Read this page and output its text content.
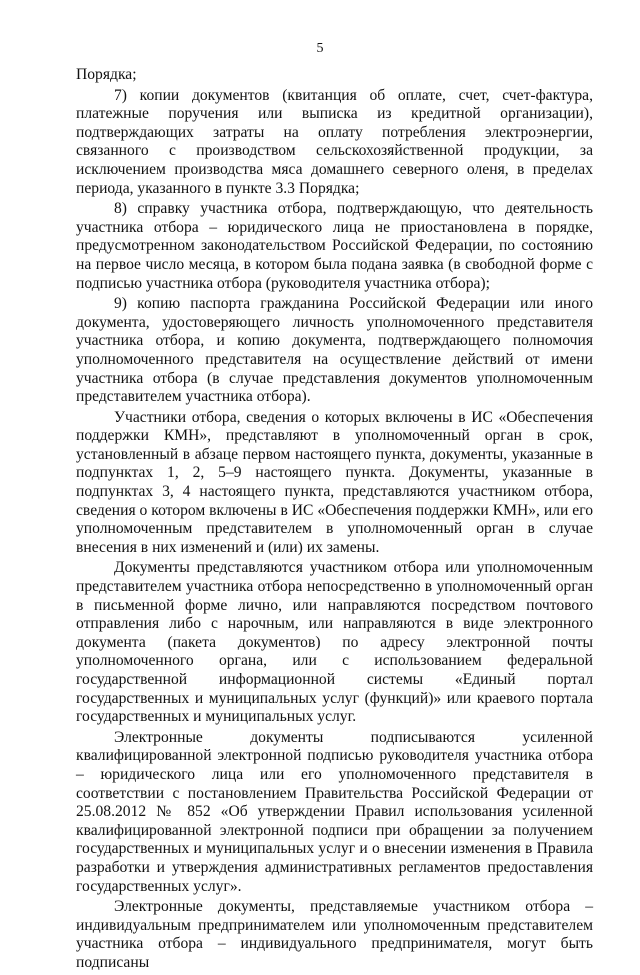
5

Порядка;

7) копии документов (квитанция об оплате, счет, счет-фактура, платежные поручения или выписка из кредитной организации), подтверждающих затраты на оплату потребления электроэнергии, связанного с производством сельскохозяйственной продукции, за исключением производства мяса домашнего северного оленя, в пределах периода, указанного в пункте 3.3 Порядка;

8) справку участника отбора, подтверждающую, что деятельность участника отбора – юридического лица не приостановлена в порядке, предусмотренном законодательством Российской Федерации, по состоянию на первое число месяца, в котором была подана заявка (в свободной форме с подписью участника отбора (руководителя участника отбора);

9) копию паспорта гражданина Российской Федерации или иного документа, удостоверяющего личность уполномоченного представителя участника отбора, и копию документа, подтверждающего полномочия уполномоченного представителя на осуществление действий от имени участника отбора (в случае представления документов уполномоченным представителем участника отбора).

Участники отбора, сведения о которых включены в ИС «Обеспечения поддержки КМН», представляют в уполномоченный орган в срок, установленный в абзаце первом настоящего пункта, документы, указанные в подпунктах 1, 2, 5–9 настоящего пункта. Документы, указанные в подпунктах 3, 4 настоящего пункта, представляются участником отбора, сведения о котором включены в ИС «Обеспечения поддержки КМН», или его уполномоченным представителем в уполномоченный орган в случае внесения в них изменений и (или) их замены.

Документы представляются участником отбора или уполномоченным представителем участника отбора непосредственно в уполномоченный орган в письменной форме лично, или направляются посредством почтового отправления либо с нарочным, или направляются в виде электронного документа (пакета документов) по адресу электронной почты уполномоченного органа, или с использованием федеральной государственной информационной системы «Единый портал государственных и муниципальных услуг (функций)» или краевого портала государственных и муниципальных услуг.

Электронные документы подписываются усиленной квалифицированной электронной подписью руководителя участника отбора – юридического лица или его уполномоченного представителя в соответствии с постановлением Правительства Российской Федерации от 25.08.2012 № 852 «Об утверждении Правил использования усиленной квалифицированной электронной подписи при обращении за получением государственных и муниципальных услуг и о внесении изменения в Правила разработки и утверждения административных регламентов предоставления государственных услуг».

Электронные документы, представляемые участником отбора – индивидуальным предпринимателем или уполномоченным представителем участника отбора – индивидуального предпринимателя, могут быть подписаны
